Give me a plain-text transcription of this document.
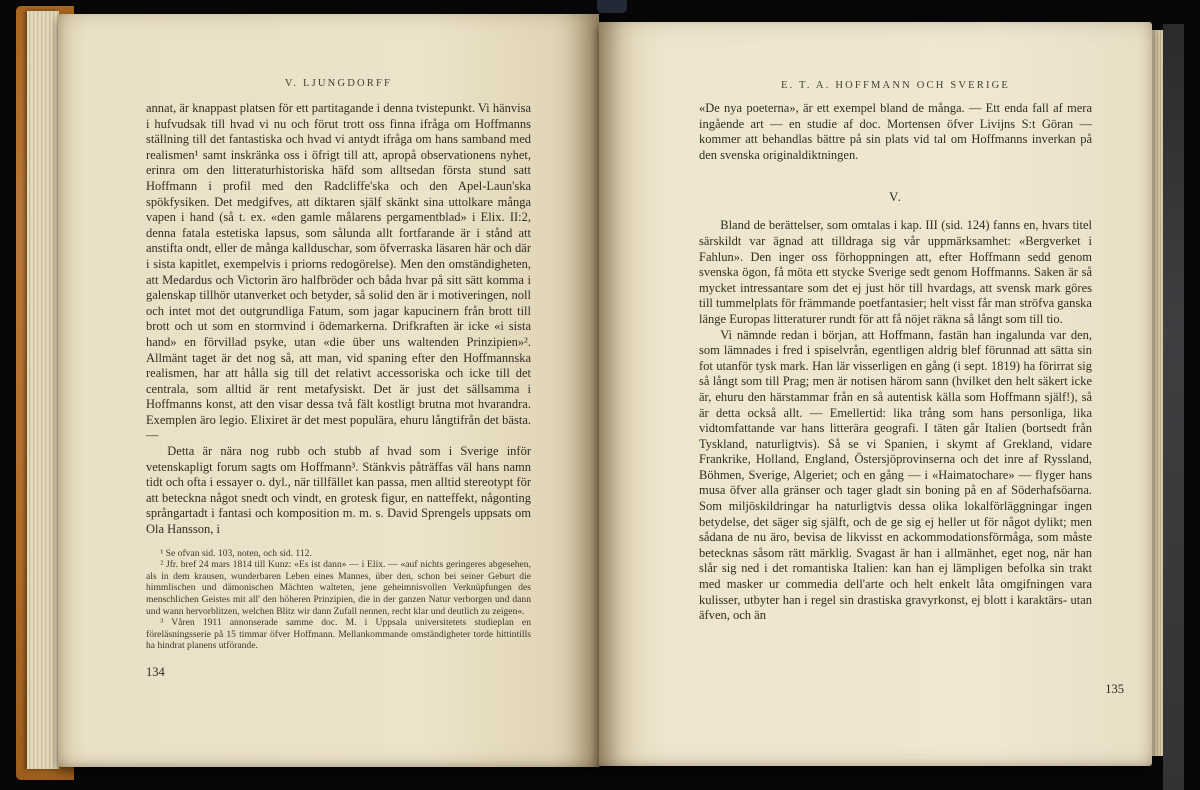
V. LJUNGDORFF

annat, är knappast platsen för ett partitagande i denna tvistepunkt. Vi hänvisa i hufvudsak till hvad vi nu och förut trott oss finna ifråga om Hoffmanns ställning till det fantastiska och hvad vi antydt ifråga om hans samband med realismen¹ samt inskränka oss i öfrigt till att, apropå observationens nyhet, erinra om den litteraturhistoriska häfd som alltsedan första stund satt Hoffmann i profil med den Radcliffe'ska och den Apel-Laun'ska spökfysiken. Det medgifves, att diktaren själf skänkt sina uttolkare många vapen i hand (så t. ex. «den gamle målarens pergamentblad» i Elix. II:2, denna fatala estetiska lapsus, som sålunda allt fortfarande är i stånd att anstifta ondt, eller de många kallduschar, som öfverraska läsaren här och där i sista kapitlet, exempelvis i priorns redogörelse). Men den omständigheten, att Medardus och Victorin äro halfbröder och båda hvar på sitt sätt komma i galenskap tillhör utanverket och betyder, så solid den är i motiveringen, noll och intet mot det outgrundliga Fatum, som jagar kapucinern från brott till brott och ut som en stormvind i ödemarkerna. Drifkraften är icke «i sista hand» en förvillad psyke, utan «die über uns waltenden Prinzipien»². Allmänt taget är det nog så, att man, vid spaning efter den Hoffmannska realismen, har att hålla sig till det relativt accessoriska och icke till det centrala, som alltid är rent metafysiskt. Det är just det sällsamma i Hoffmanns konst, att den visar dessa två fält kostligt brutna mot hvarandra. Exemplen äro legio. Elixiret är det mest populära, ehuru långtifrån det bästa. —

Detta är nära nog rubb och stubb af hvad som i Sverige inför vetenskapligt forum sagts om Hoffmann³. Stänkvis påträffas väl hans namn tidt och ofta i essayer o. dyl., när tillfället kan passa, men alltid stereotypt för att beteckna något snedt och vindt, en grotesk figur, en natteffekt, någonting språngartadt i fantasi och komposition m. m. s. David Sprengels uppsats om Ola Hansson, i

¹ Se ofvan sid. 103, noten, och sid. 112.

² Jfr. bref 24 mars 1814 till Kunz: «Es ist dann» — i Elix. — «auf nichts geringeres abgesehen, als in dem krausen, wunderbaren Leben eines Mannes, über den, schon bei seiner Geburt die himmlischen und dämonischen Mächten walteten, jene geheimnisvollen Verknüpfungen des menschlichen Geistes mit all' den höheren Prinzipien, die in der ganzen Natur verborgen und dann und wann hervorblitzen, welchen Blitz wir dann Zufall nennen, recht klar und deutlich zu zeigen«.

³ Våren 1911 annonserade samme doc. M. i Uppsala universitetets studieplan en föreläsningsserie på 15 timmar öfver Hoffmann. Mellankommande omständigheter torde hittintills ha hindrat planens utförande.

134
E. T. A. HOFFMANN OCH SVERIGE

«De nya poeterna», är ett exempel bland de många. — Ett enda fall af mera ingående art — en studie af doc. Mortensen öfver Livijns S:t Göran — kommer att behandlas bättre på sin plats vid tal om Hoffmanns inverkan på den svenska originaldiktningen.

V.

Bland de berättelser, som omtalas i kap. III (sid. 124) fanns en, hvars titel särskildt var ägnad att tilldraga sig vår uppmärksamhet: «Bergverket i Fahlun». Den inger oss förhoppningen att, efter Hoffmann sedd genom svenska ögon, få möta ett stycke Sverige sedt genom Hoffmanns. Saken är så mycket intressantare som det ej just hör till hvardags, att svensk mark göres till tummelplats för främmande poetfantasier; helt visst får man ströfva ganska länge Europas litteraturer rundt för att få nöjet räkna så långt som till tio.

Vi nämnde redan i början, att Hoffmann, fastän han ingalunda var den, som lämnades i fred i spiselvrån, egentligen aldrig blef förunnad att sätta sin fot utanför tysk mark. Han lär visserligen en gång (i sept. 1819) ha förirrat sig så långt som till Prag; men är notisen härom sann (hvilket den helt säkert icke är, ehuru den härstammar från en så autentisk källa som Hoffmann själf!), så är detta också allt. — Emellertid: lika trång som hans personliga, lika vidtomfattande var hans litterära geografi. I täten går Italien (bortsedt från Tyskland, naturligtvis). Så se vi Spanien, i skymt af Grekland, vidare Frankrike, Holland, England, Östersjöprovinserna och det inre af Ryssland, Böhmen, Sverige, Algeriet; och en gång — i «Haimatochare» — flyger hans musa öfver alla gränser och tager gladt sin boning på en af Söderhafsöarna. Som miljöskildringar ha naturligtvis dessa olika lokalförläggningar ingen betydelse, det säger sig själft, och de ge sig ej heller ut för något dylikt; men sådana de nu äro, bevisa de likvisst en ackommodationsförmåga, som måste betecknas såsom rätt märklig. Svagast är han i allmänhet, eget nog, när han slår sig ned i det romantiska Italien: kan han ej lämpligen befolka sin trakt med masker ur commedia dell'arte och helt enkelt låta omgifningen vara kulisser, utbyter han i regel sin drastiska gravyrkonst, ej blott i karaktärs- utan äfven, och än

135
